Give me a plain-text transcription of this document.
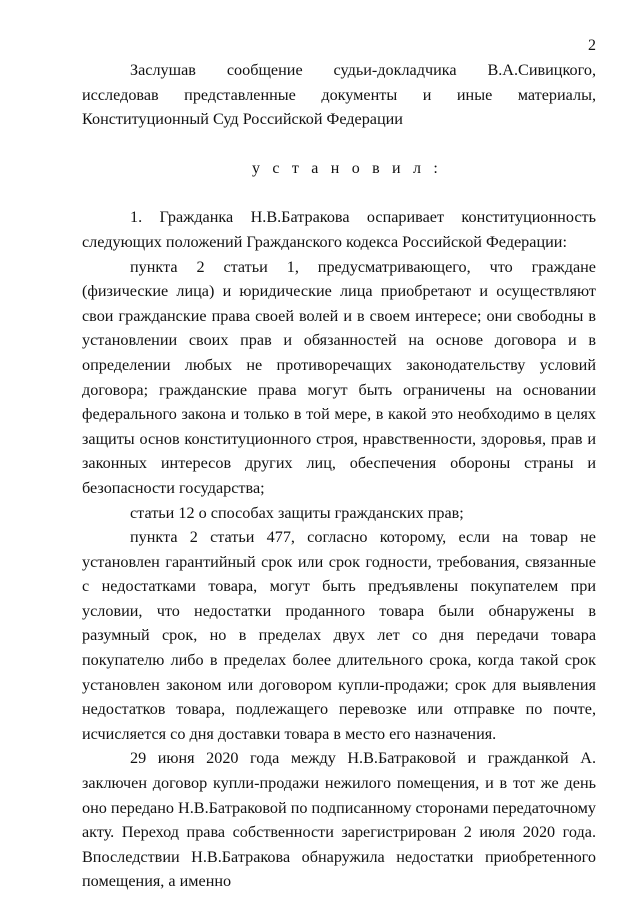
2

Заслушав сообщение судьи-докладчика В.А.Сивицкого, исследовав представленные документы и иные материалы, Конституционный Суд Российской Федерации

у с т а н о в и л :

1. Гражданка Н.В.Батракова оспаривает конституционность следующих положений Гражданского кодекса Российской Федерации:

пункта 2 статьи 1, предусматривающего, что граждане (физические лица) и юридические лица приобретают и осуществляют свои гражданские права своей волей и в своем интересе; они свободны в установлении своих прав и обязанностей на основе договора и в определении любых не противоречащих законодательству условий договора; гражданские права могут быть ограничены на основании федерального закона и только в той мере, в какой это необходимо в целях защиты основ конституционного строя, нравственности, здоровья, прав и законных интересов других лиц, обеспечения обороны страны и безопасности государства;

статьи 12 о способах защиты гражданских прав;

пункта 2 статьи 477, согласно которому, если на товар не установлен гарантийный срок или срок годности, требования, связанные с недостатками товара, могут быть предъявлены покупателем при условии, что недостатки проданного товара были обнаружены в разумный срок, но в пределах двух лет со дня передачи товара покупателю либо в пределах более длительного срока, когда такой срок установлен законом или договором купли-продажи; срок для выявления недостатков товара, подлежащего перевозке или отправке по почте, исчисляется со дня доставки товара в место его назначения.

29 июня 2020 года между Н.В.Батраковой и гражданкой А. заключен договор купли-продажи нежилого помещения, и в тот же день оно передано Н.В.Батраковой по подписанному сторонами передаточному акту. Переход права собственности зарегистрирован 2 июля 2020 года. Впоследствии Н.В.Батракова обнаружила недостатки приобретенного помещения, а именно
